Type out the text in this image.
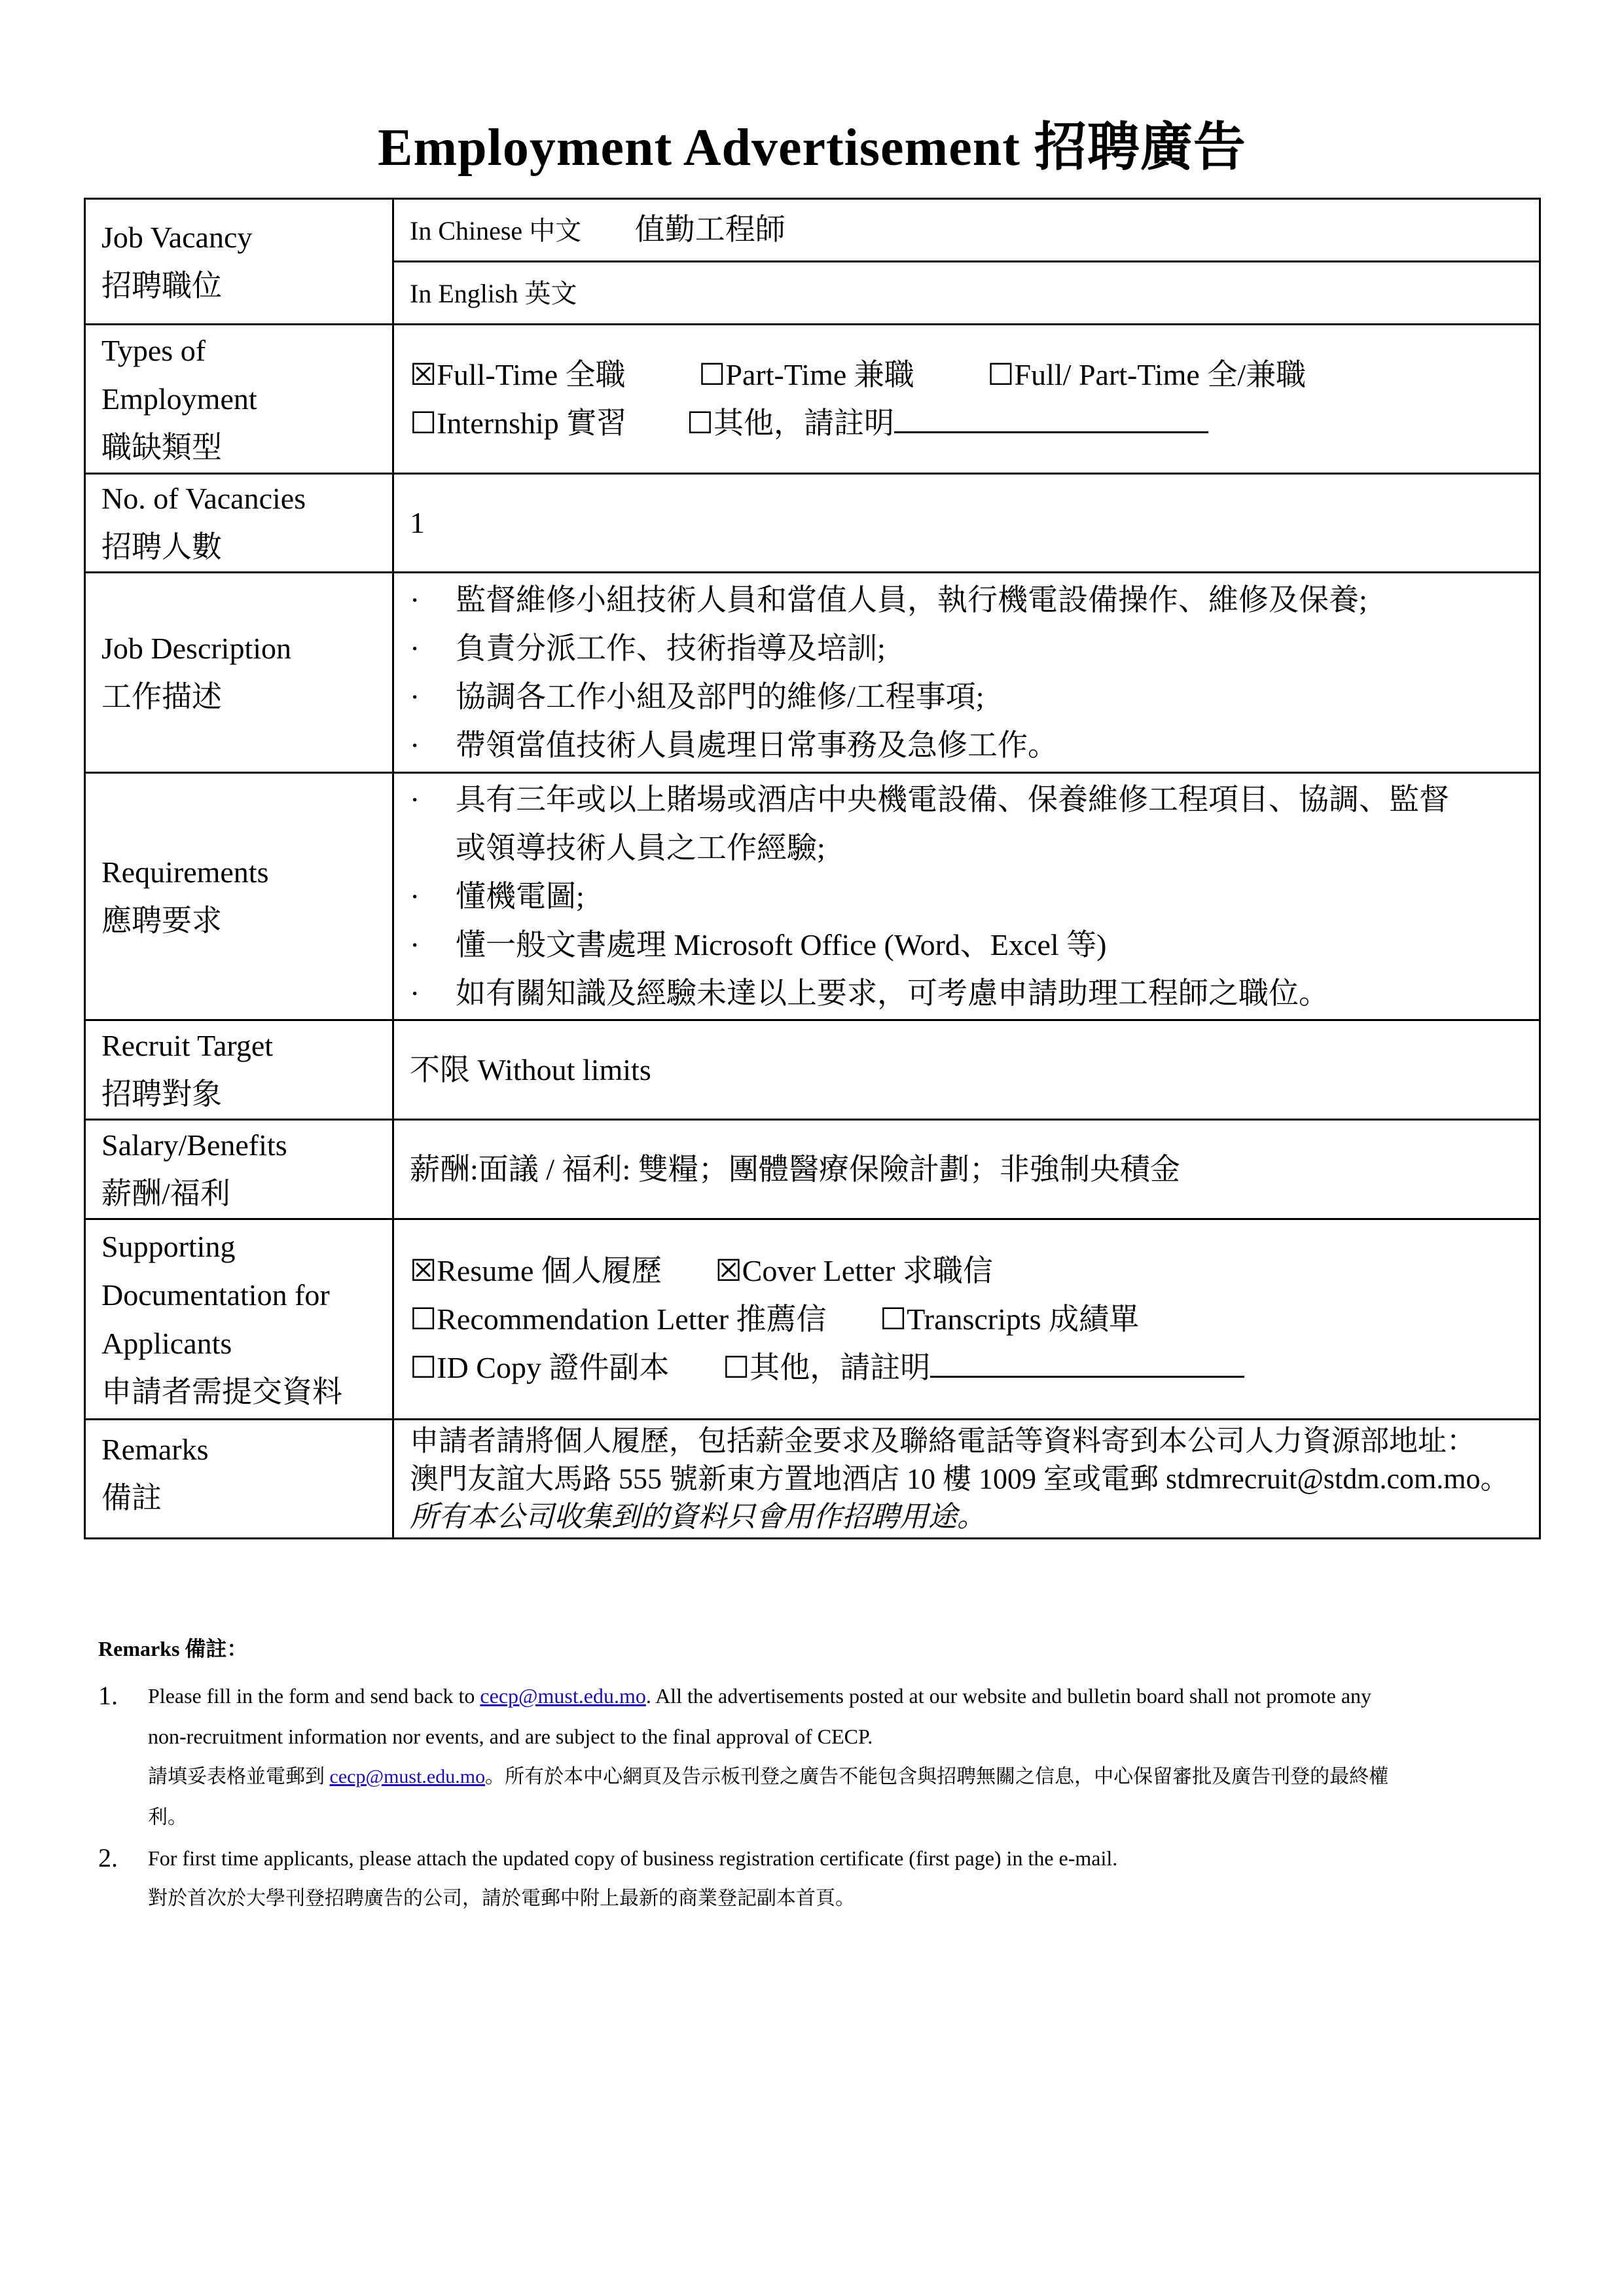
Employment Advertisement 招聘廣告
Job Vacancy
招聘職位	In Chinese 中文 值勤工程師
	In English 英文

Types of
Employment
職缺類型	☒Full-Time 全職 ☐Part-Time 兼職 ☐Full/ Part-Time 全/兼職
☐Internship 實習 ☐其他，請註明

No. of Vacancies
招聘人數	1

Job Description
工作描述	· 監督維修小組技術人員和當值人員，執行機電設備操作、維修及保養;
· 負責分派工作、技術指導及培訓;
· 協調各工作小組及部門的維修/工程事項;
· 帶領當值技術人員處理日常事務及急修工作。

Requirements
應聘要求	· 具有三年或以上賭場或酒店中央機電設備、保養維修工程項目、協調、監督
或領導技術人員之工作經驗;
· 懂機電圖;
· 懂一般文書處理 Microsoft Office (Word、Excel 等)
· 如有關知識及經驗未達以上要求，可考慮申請助理工程師之職位。

Recruit Target
招聘對象	不限 Without limits

Salary/Benefits
薪酬/福利	薪酬:面議 / 福利: 雙糧；團體醫療保險計劃；非強制央積金

Supporting
Documentation for
Applicants
申請者需提交資料	☒Resume 個人履歷 ☒Cover Letter 求職信
☐Recommendation Letter 推薦信 ☐Transcripts 成績單
☐ID Copy 證件副本 ☐其他，請註明

Remarks
備註	申請者請將個人履歷，包括薪金要求及聯絡電話等資料寄到本公司人力資源部地址：
澳門友誼大馬路 555 號新東方置地酒店 10 樓 1009 室或電郵 stdmrecruit@stdm.com.mo。
所有本公司收集到的資料只會用作招聘用途。
Remarks 備註：
1. Please fill in the form and send back to cecp@must.edu.mo. All the advertisements posted at our website and bulletin board shall not promote any
non-recruitment information nor events, and are subject to the final approval of CECP.
請填妥表格並電郵到 cecp@must.edu.mo。所有於本中心網頁及告示板刊登之廣告不能包含與招聘無關之信息，中心保留審批及廣告刊登的最終權
利。
2. For first time applicants, please attach the updated copy of business registration certificate (first page) in the e-mail.
對於首次於大學刊登招聘廣告的公司，請於電郵中附上最新的商業登記副本首頁。
